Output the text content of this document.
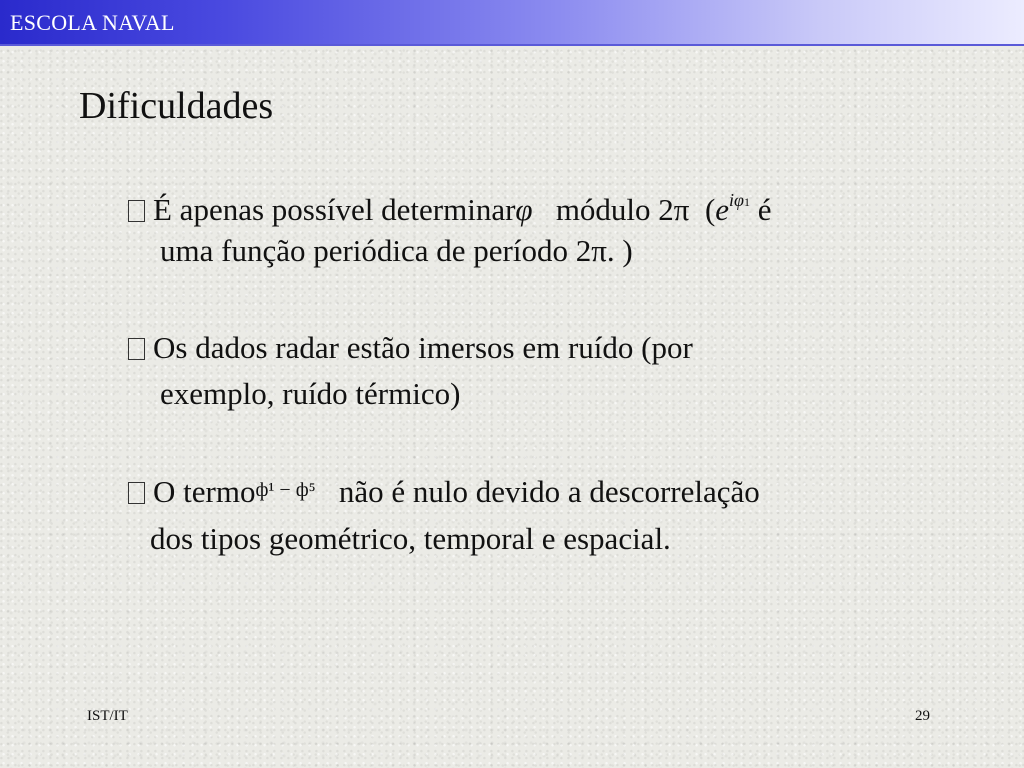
ESCOLA NAVAL
Dificuldades
É apenas possível determinarφ módulo 2π ($e^{i\varphi 1}$ é
uma função periódica de período 2π. )
Os dados radar estão imersos em ruído (por
exemplo, ruído térmico)
O termoф¹ − ф⁵ não é nulo devido a descorrelação
dos tipos geométrico, temporal e espacial.
IST/IT	29
